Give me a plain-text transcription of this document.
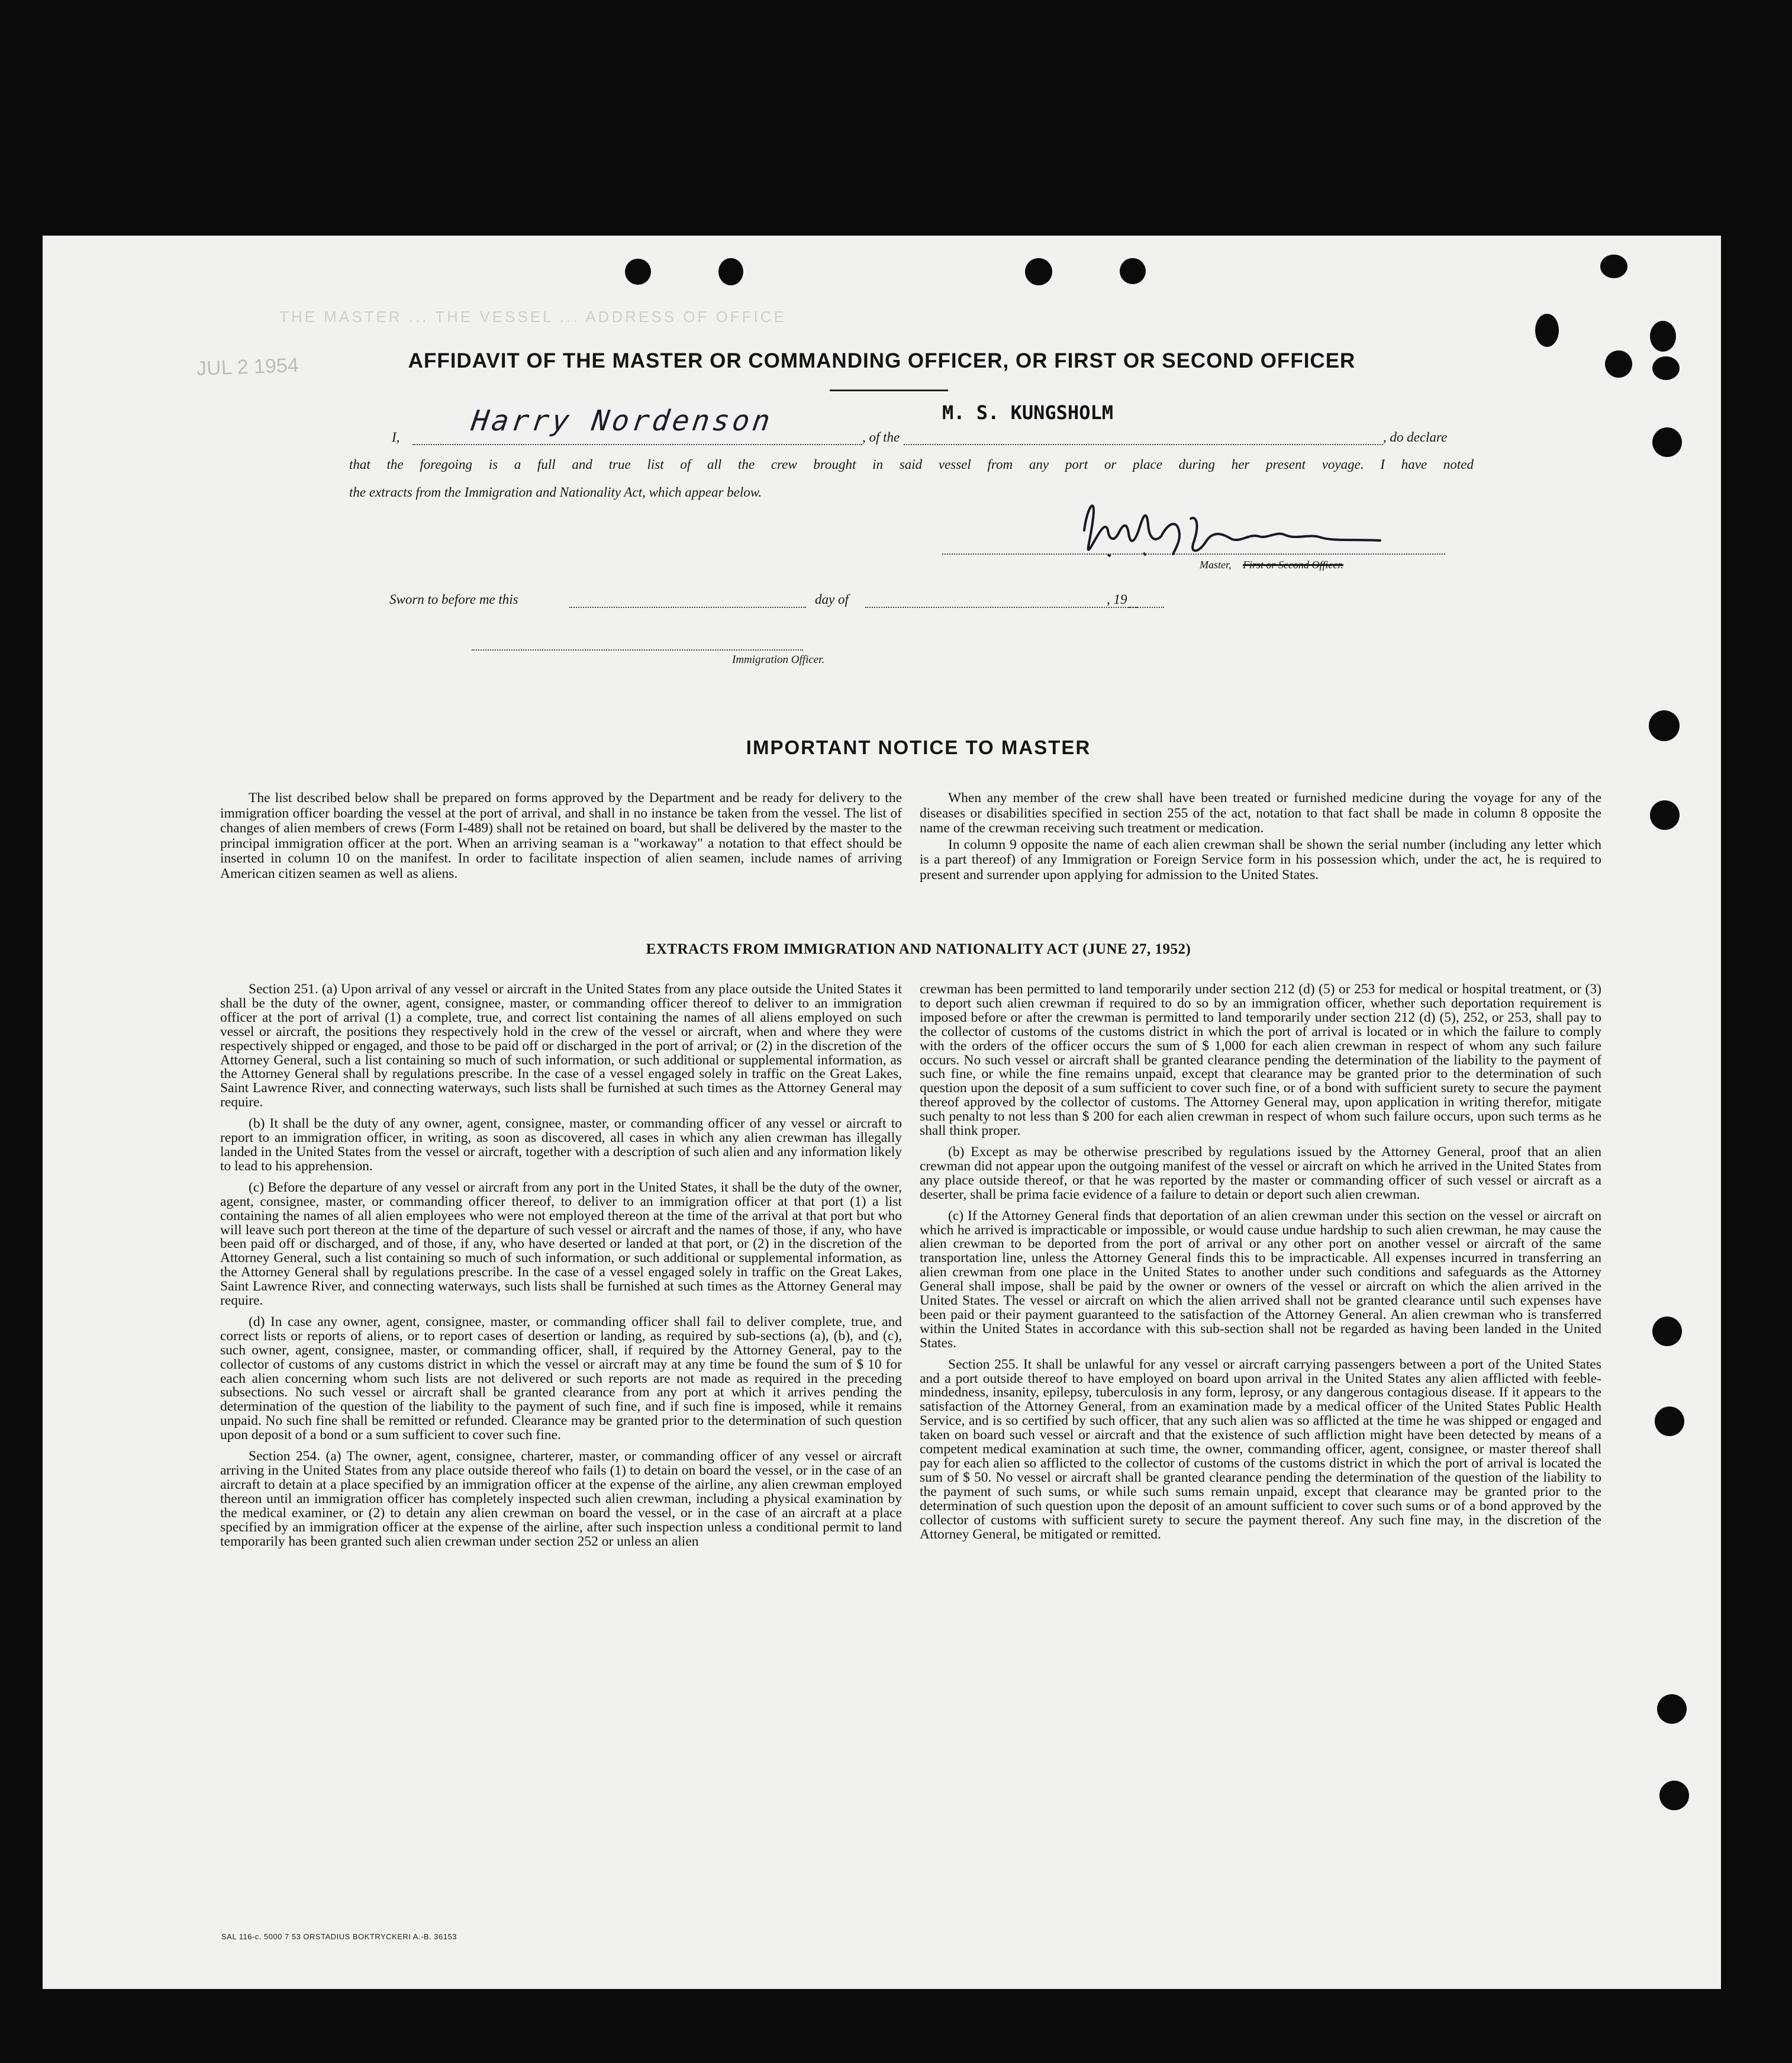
THE MASTER ... THE VESSEL ... ADDRESS OF OFFICE
JUL 2 1954	AFFIDAVIT OF THE MASTER OR COMMANDING OFFICER, OR FIRST OR SECOND OFFICER
I, Harry Nordenson	, of the
M. S. KUNGSHOLM
, do declare
that the foregoing is a full and true list of all the crew brought in said vessel from any port or place during her present voyage. I have noted
the extracts from the Immigration and Nationality Act, which appear below.
Master, First or Second Officer.
Sworn to before me this	day of	, 19
Immigration Officer.
IMPORTANT NOTICE TO MASTER

The list described below shall be prepared on forms approved by the Department and be ready for delivery to the immigration officer boarding the vessel at the port of arrival, and shall in no instance be taken from the vessel. The list of changes of alien members of crews (Form I-489) shall not be retained on board, but shall be delivered by the master to the principal immigration officer at the port. When an arriving seaman is a "workaway" a notation to that effect should be inserted in column 10 on the manifest. In order to facilitate inspection of alien seamen, include names of arriving American citizen seamen as well as aliens.

When any member of the crew shall have been treated or furnished medicine during the voyage for any of the diseases or disabilities specified in section 255 of the act, notation to that fact shall be made in column 8 opposite the name of the crewman receiving such treatment or medication.

In column 9 opposite the name of each alien crewman shall be shown the serial number (including any letter which is a part thereof) of any Immigration or Foreign Service form in his possession which, under the act, he is required to present and surrender upon applying for admission to the United States.

EXTRACTS FROM IMMIGRATION AND NATIONALITY ACT (JUNE 27, 1952)

Section 251. (a) Upon arrival of any vessel or aircraft in the United States from any place outside the United States it shall be the duty of the owner, agent, consignee, master, or commanding officer thereof to deliver to an immigration officer at the port of arrival (1) a complete, true, and correct list containing the names of all aliens employed on such vessel or aircraft, the positions they respectively hold in the crew of the vessel or aircraft, when and where they were respectively shipped or engaged, and those to be paid off or discharged in the port of arrival; or (2) in the discretion of the Attorney General, such a list containing so much of such information, or such additional or supplemental information, as the Attorney General shall by regulations prescribe. In the case of a vessel engaged solely in traffic on the Great Lakes, Saint Lawrence River, and connecting waterways, such lists shall be furnished at such times as the Attorney General may require.

(b) It shall be the duty of any owner, agent, consignee, master, or commanding officer of any vessel or aircraft to report to an immigration officer, in writing, as soon as discovered, all cases in which any alien crewman has illegally landed in the United States from the vessel or aircraft, together with a description of such alien and any information likely to lead to his apprehension.

(c) Before the departure of any vessel or aircraft from any port in the United States, it shall be the duty of the owner, agent, consignee, master, or commanding officer thereof, to deliver to an immigration officer at that port (1) a list containing the names of all alien employees who were not employed thereon at the time of the arrival at that port but who will leave such port thereon at the time of the departure of such vessel or aircraft and the names of those, if any, who have been paid off or discharged, and of those, if any, who have deserted or landed at that port, or (2) in the discretion of the Attorney General, such a list containing so much of such information, or such additional or supplemental information, as the Attorney General shall by regulations prescribe. In the case of a vessel engaged solely in traffic on the Great Lakes, Saint Lawrence River, and connecting waterways, such lists shall be furnished at such times as the Attorney General may require.

(d) In case any owner, agent, consignee, master, or commanding officer shall fail to deliver complete, true, and correct lists or reports of aliens, or to report cases of desertion or landing, as required by sub-sections (a), (b), and (c), such owner, agent, consignee, master, or commanding officer, shall, if required by the Attorney General, pay to the collector of customs of any customs district in which the vessel or aircraft may at any time be found the sum of $ 10 for each alien concerning whom such lists are not delivered or such reports are not made as required in the preceding subsections. No such vessel or aircraft shall be granted clearance from any port at which it arrives pending the determination of the question of the liability to the payment of such fine, and if such fine is imposed, while it remains unpaid. No such fine shall be remitted or refunded. Clearance may be granted prior to the determination of such question upon deposit of a bond or a sum sufficient to cover such fine.

Section 254. (a) The owner, agent, consignee, charterer, master, or commanding officer of any vessel or aircraft arriving in the United States from any place outside thereof who fails (1) to detain on board the vessel, or in the case of an aircraft to detain at a place specified by an immigration officer at the expense of the airline, any alien crewman employed thereon until an immigration officer has completely inspected such alien crewman, including a physical examination by the medical examiner, or (2) to detain any alien crewman on board the vessel, or in the case of an aircraft at a place specified by an immigration officer at the expense of the airline, after such inspection unless a conditional permit to land temporarily has been granted such alien crewman under section 252 or unless an alien

crewman has been permitted to land temporarily under section 212 (d) (5) or 253 for medical or hospital treatment, or (3) to deport such alien crewman if required to do so by an immigration officer, whether such deportation requirement is imposed before or after the crewman is permitted to land temporarily under section 212 (d) (5), 252, or 253, shall pay to the collector of customs of the customs district in which the port of arrival is located or in which the failure to comply with the orders of the officer occurs the sum of $ 1,000 for each alien crewman in respect of whom any such failure occurs. No such vessel or aircraft shall be granted clearance pending the determination of the liability to the payment of such fine, or while the fine remains unpaid, except that clearance may be granted prior to the determination of such question upon the deposit of a sum sufficient to cover such fine, or of a bond with sufficient surety to secure the payment thereof approved by the collector of customs. The Attorney General may, upon application in writing therefor, mitigate such penalty to not less than $ 200 for each alien crewman in respect of whom such failure occurs, upon such terms as he shall think proper.

(b) Except as may be otherwise prescribed by regulations issued by the Attorney General, proof that an alien crewman did not appear upon the outgoing manifest of the vessel or aircraft on which he arrived in the United States from any place outside thereof, or that he was reported by the master or commanding officer of such vessel or aircraft as a deserter, shall be prima facie evidence of a failure to detain or deport such alien crewman.

(c) If the Attorney General finds that deportation of an alien crewman under this section on the vessel or aircraft on which he arrived is impracticable or impossible, or would cause undue hardship to such alien crewman, he may cause the alien crewman to be deported from the port of arrival or any other port on another vessel or aircraft of the same transportation line, unless the Attorney General finds this to be impracticable. All expenses incurred in transferring an alien crewman from one place in the United States to another under such conditions and safeguards as the Attorney General shall impose, shall be paid by the owner or owners of the vessel or aircraft on which the alien arrived in the United States. The vessel or aircraft on which the alien arrived shall not be granted clearance until such expenses have been paid or their payment guaranteed to the satisfaction of the Attorney General. An alien crewman who is transferred within the United States in accordance with this sub-section shall not be regarded as having been landed in the United States.

Section 255. It shall be unlawful for any vessel or aircraft carrying passengers between a port of the United States and a port outside thereof to have employed on board upon arrival in the United States any alien afflicted with feeble-mindedness, insanity, epilepsy, tuberculosis in any form, leprosy, or any dangerous contagious disease. If it appears to the satisfaction of the Attorney General, from an examination made by a medical officer of the United States Public Health Service, and is so certified by such officer, that any such alien was so afflicted at the time he was shipped or engaged and taken on board such vessel or aircraft and that the existence of such affliction might have been detected by means of a competent medical examination at such time, the owner, commanding officer, agent, consignee, or master thereof shall pay for each alien so afflicted to the collector of customs of the customs district in which the port of arrival is located the sum of $ 50. No vessel or aircraft shall be granted clearance pending the determination of the question of the liability to the payment of such sums, or while such sums remain unpaid, except that clearance may be granted prior to the determination of such question upon the deposit of an amount sufficient to cover such sums or of a bond approved by the collector of customs with sufficient surety to secure the payment thereof. Any such fine may, in the discretion of the Attorney General, be mitigated or remitted.

SAL 116-c. 5000 7 53 ORSTADIUS BOKTRYCKERI A.-B. 36153
